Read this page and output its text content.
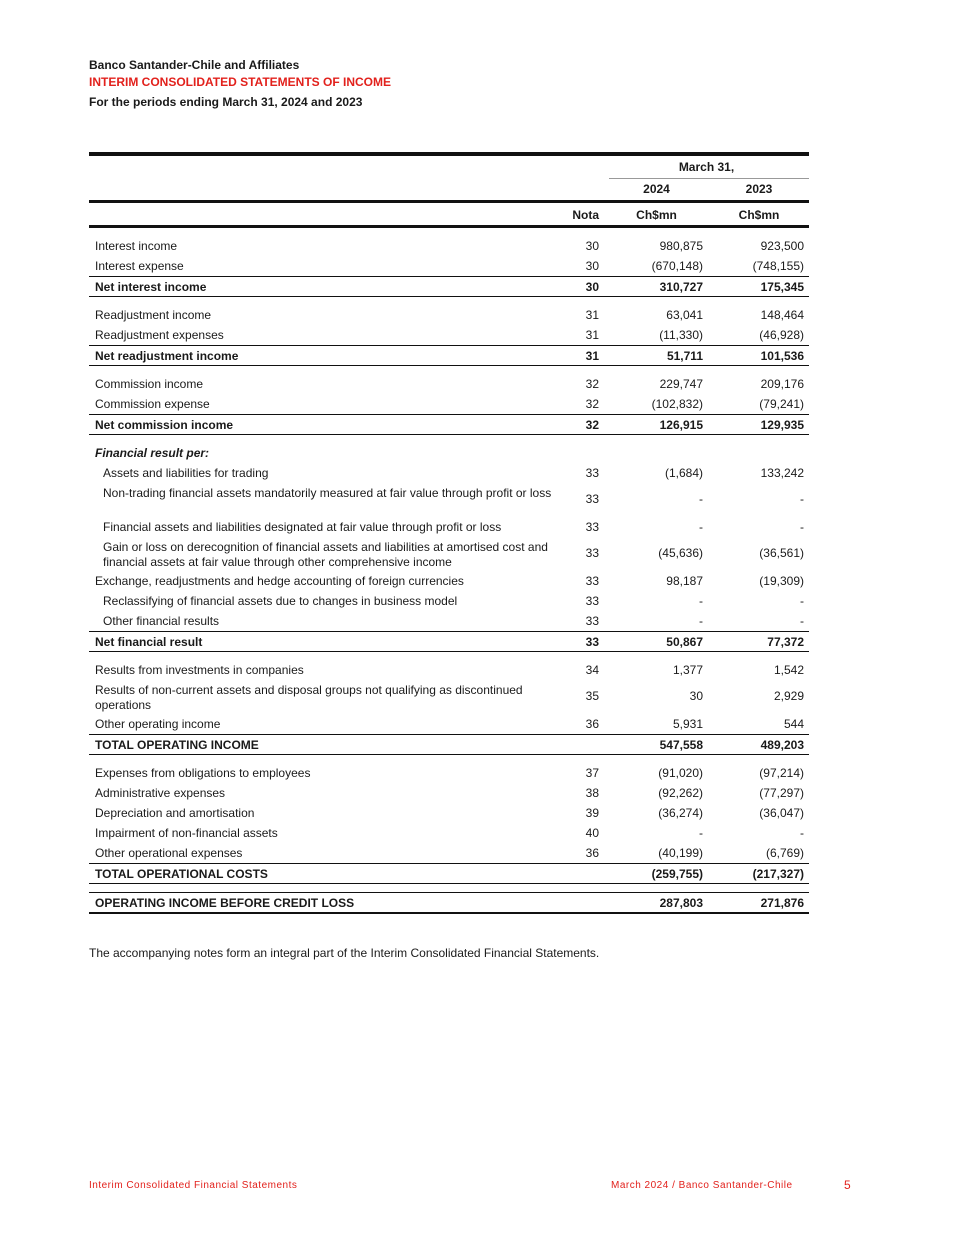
Banco Santander-Chile and Affiliates
INTERIM CONSOLIDATED STATEMENTS OF INCOME
For the periods ending March 31, 2024 and 2023
March 31,
2024	2023
Nota	Ch$mn	Ch$mn
Interest income	30	980,875	923,500
Interest expense	30	(670,148)	(748,155)
Net interest income	30	310,727	175,345
Readjustment income	31	63,041	148,464
Readjustment expenses	31	(11,330)	(46,928)
Net readjustment income	31	51,711	101,536
Commission income	32	229,747	209,176
Commission expense	32	(102,832)	(79,241)
Net commission income	32	126,915	129,935
Financial result per:
Assets and liabilities for trading	33	(1,684)	133,242
Non-trading financial assets mandatorily measured at fair value through profit or loss	33	-	-
Financial assets and liabilities designated at fair value through profit or loss	33	-	-
Gain or loss on derecognition of financial assets and liabilities at amortised cost and financial assets at fair value through other comprehensive income
33	(45,636)	(36,561)
Exchange, readjustments and hedge accounting of foreign currencies	33	98,187	(19,309)
Reclassifying of financial assets due to changes in business model	33	-	-
Other financial results	33	-	-
Net financial result	33	50,867	77,372
Results from investments in companies	34	1,377	1,542
Results of non-current assets and disposal groups not qualifying as discontinued operations
35	30	2,929
Other operating income	36	5,931	544
TOTAL OPERATING INCOME	547,558	489,203
Expenses from obligations to employees	37	(91,020)	(97,214)
Administrative expenses	38	(92,262)	(77,297)
Depreciation and amortisation	39	(36,274)	(36,047)
Impairment of non-financial assets	40	-	-
Other operational expenses	36	(40,199)	(6,769)
TOTAL OPERATIONAL COSTS	(259,755)	(217,327)
OPERATING INCOME BEFORE CREDIT LOSS	287,803	271,876
The accompanying notes form an integral part of the Interim Consolidated Financial Statements.
Interim Consolidated Financial Statements	March 2024 / Banco Santander-Chile	5
